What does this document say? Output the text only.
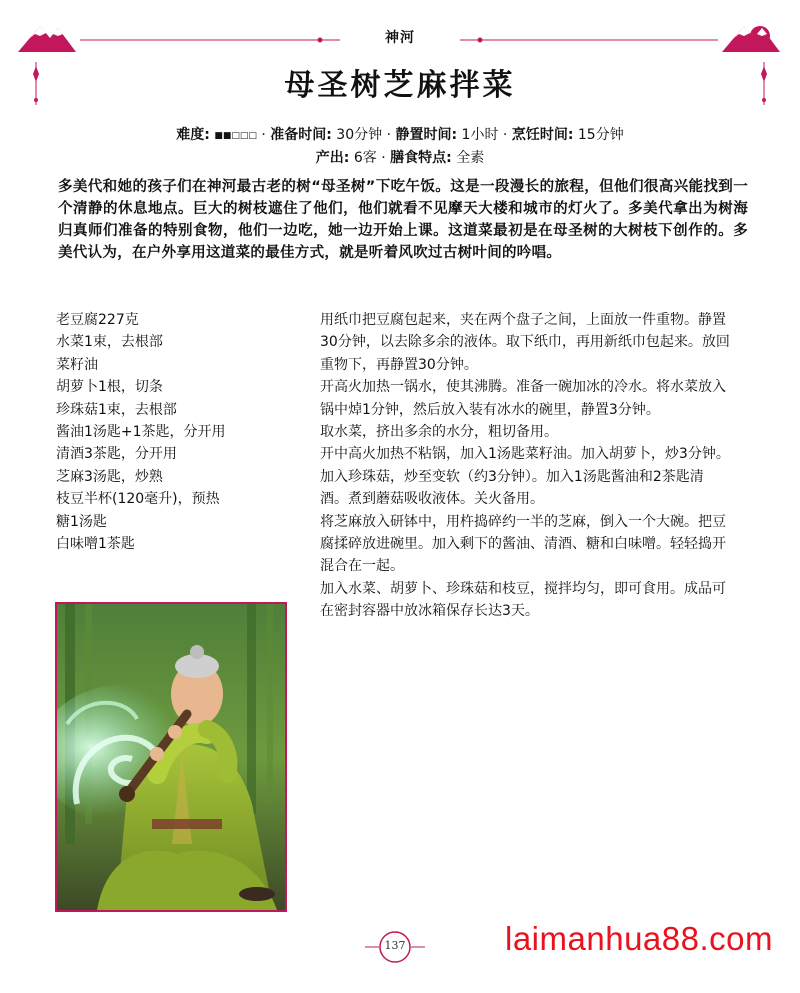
神河
母圣树芝麻拌菜
难度: ■■□□□ · 准备时间: 30分钟 · 静置时间: 1小时 · 烹饪时间: 15分钟
产出: 6客 · 膳食特点: 全素
多美代和她的孩子们在神河最古老的树“母圣树”下吃午饭。这是一段漫长的旅程，但他们很高兴能找到一个清静的休息地点。巨大的树枝遮住了他们，他们就看不见摩天大楼和城市的灯火了。多美代拿出为树海归真师们准备的特别食物，他们一边吃，她一边开始上课。这道菜最初是在母圣树的大树枝下创作的。多美代认为，在户外享用这道菜的最佳方式，就是听着风吹过古树叶间的吟唱。
老豆腐227克
水菜1束，去根部
菜籽油
胡萝卜1根，切条
珍珠菇1束，去根部
酱油1汤匙+1茶匙，分开用
清酒3茶匙，分开用
芝麻3汤匙，炒熟
枝豆半杯(120毫升)，预热
糖1汤匙
白味噌1茶匙

用纸巾把豆腐包起来，夹在两个盘子之间，上面放一件重物。静置30分钟，以去除多余的液体。取下纸巾，再用新纸巾包起来。放回重物下，再静置30分钟。

开高火加热一锅水，使其沸腾。准备一碗加冰的冷水。将水菜放入锅中焯1分钟，然后放入装有冰水的碗里，静置3分钟。

取水菜，挤出多余的水分，粗切备用。

开中高火加热不粘锅，加入1汤匙菜籽油。加入胡萝卜，炒3分钟。加入珍珠菇，炒至变软（约3分钟）。加入1汤匙酱油和2茶匙清酒。煮到蘑菇吸收液体。关火备用。

将芝麻放入研钵中，用杵捣碎约一半的芝麻，倒入一个大碗。把豆腐揉碎放进碗里。加入剩下的酱油、清酒、糖和白味噌。轻轻捣开混合在一起。

加入水菜、胡萝卜、珍珠菇和枝豆，搅拌均匀，即可食用。成品可在密封容器中放冰箱保存长达3天。

137	laimanhua88.com
